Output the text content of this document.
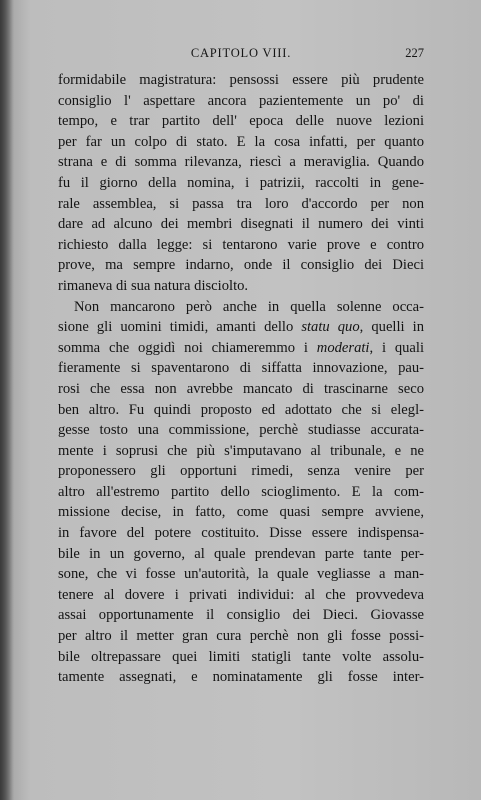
CAPITOLO VIII.	227
formidabile magistratura: pensossi essere più prudente
consiglio l' aspettare ancora pazientemente un po' di
tempo, e trar partito dell' epoca delle nuove lezioni
per far un colpo di stato. E la cosa infatti, per quanto
strana e di somma rilevanza, riescì a meraviglia. Quando
fu il giorno della nomina, i patrizii, raccolti in gene-
rale assemblea, si passa tra loro d'accordo per non
dare ad alcuno dei membri disegnati il numero dei vinti
richiesto dalla legge: si tentarono varie prove e contro
prove, ma sempre indarno, onde il consiglio dei Dieci
rimaneva di sua natura disciolto.
Non mancarono però anche in quella solenne occa-
sione gli uomini timidi, amanti dello statu quo, quelli in
somma che oggidì noi chiameremmo i moderati, i quali
fieramente si spaventarono di siffatta innovazione, pau-
rosi che essa non avrebbe mancato di trascinarne seco
ben altro. Fu quindi proposto ed adottato che si elegl-
gesse tosto una commissione, perchè studiasse accurata-
mente i soprusi che più s'imputavano al tribunale, e ne
proponessero gli opportuni rimedi, senza venire per
altro all'estremo partito dello scioglimento. E la com-
missione decise, in fatto, come quasi sempre avviene,
in favore del potere costituito. Disse essere indispensa-
bile in un governo, al quale prendevan parte tante per-
sone, che vi fosse un'autorità, la quale vegliasse a man-
tenere al dovere i privati individui: al che provvedeva
assai opportunamente il consiglio dei Dieci. Giovasse
per altro il metter gran cura perchè non gli fosse possi-
bile oltrepassare quei limiti statigli tante volte assolu-
tamente assegnati, e nominatamente gli fosse inter-
